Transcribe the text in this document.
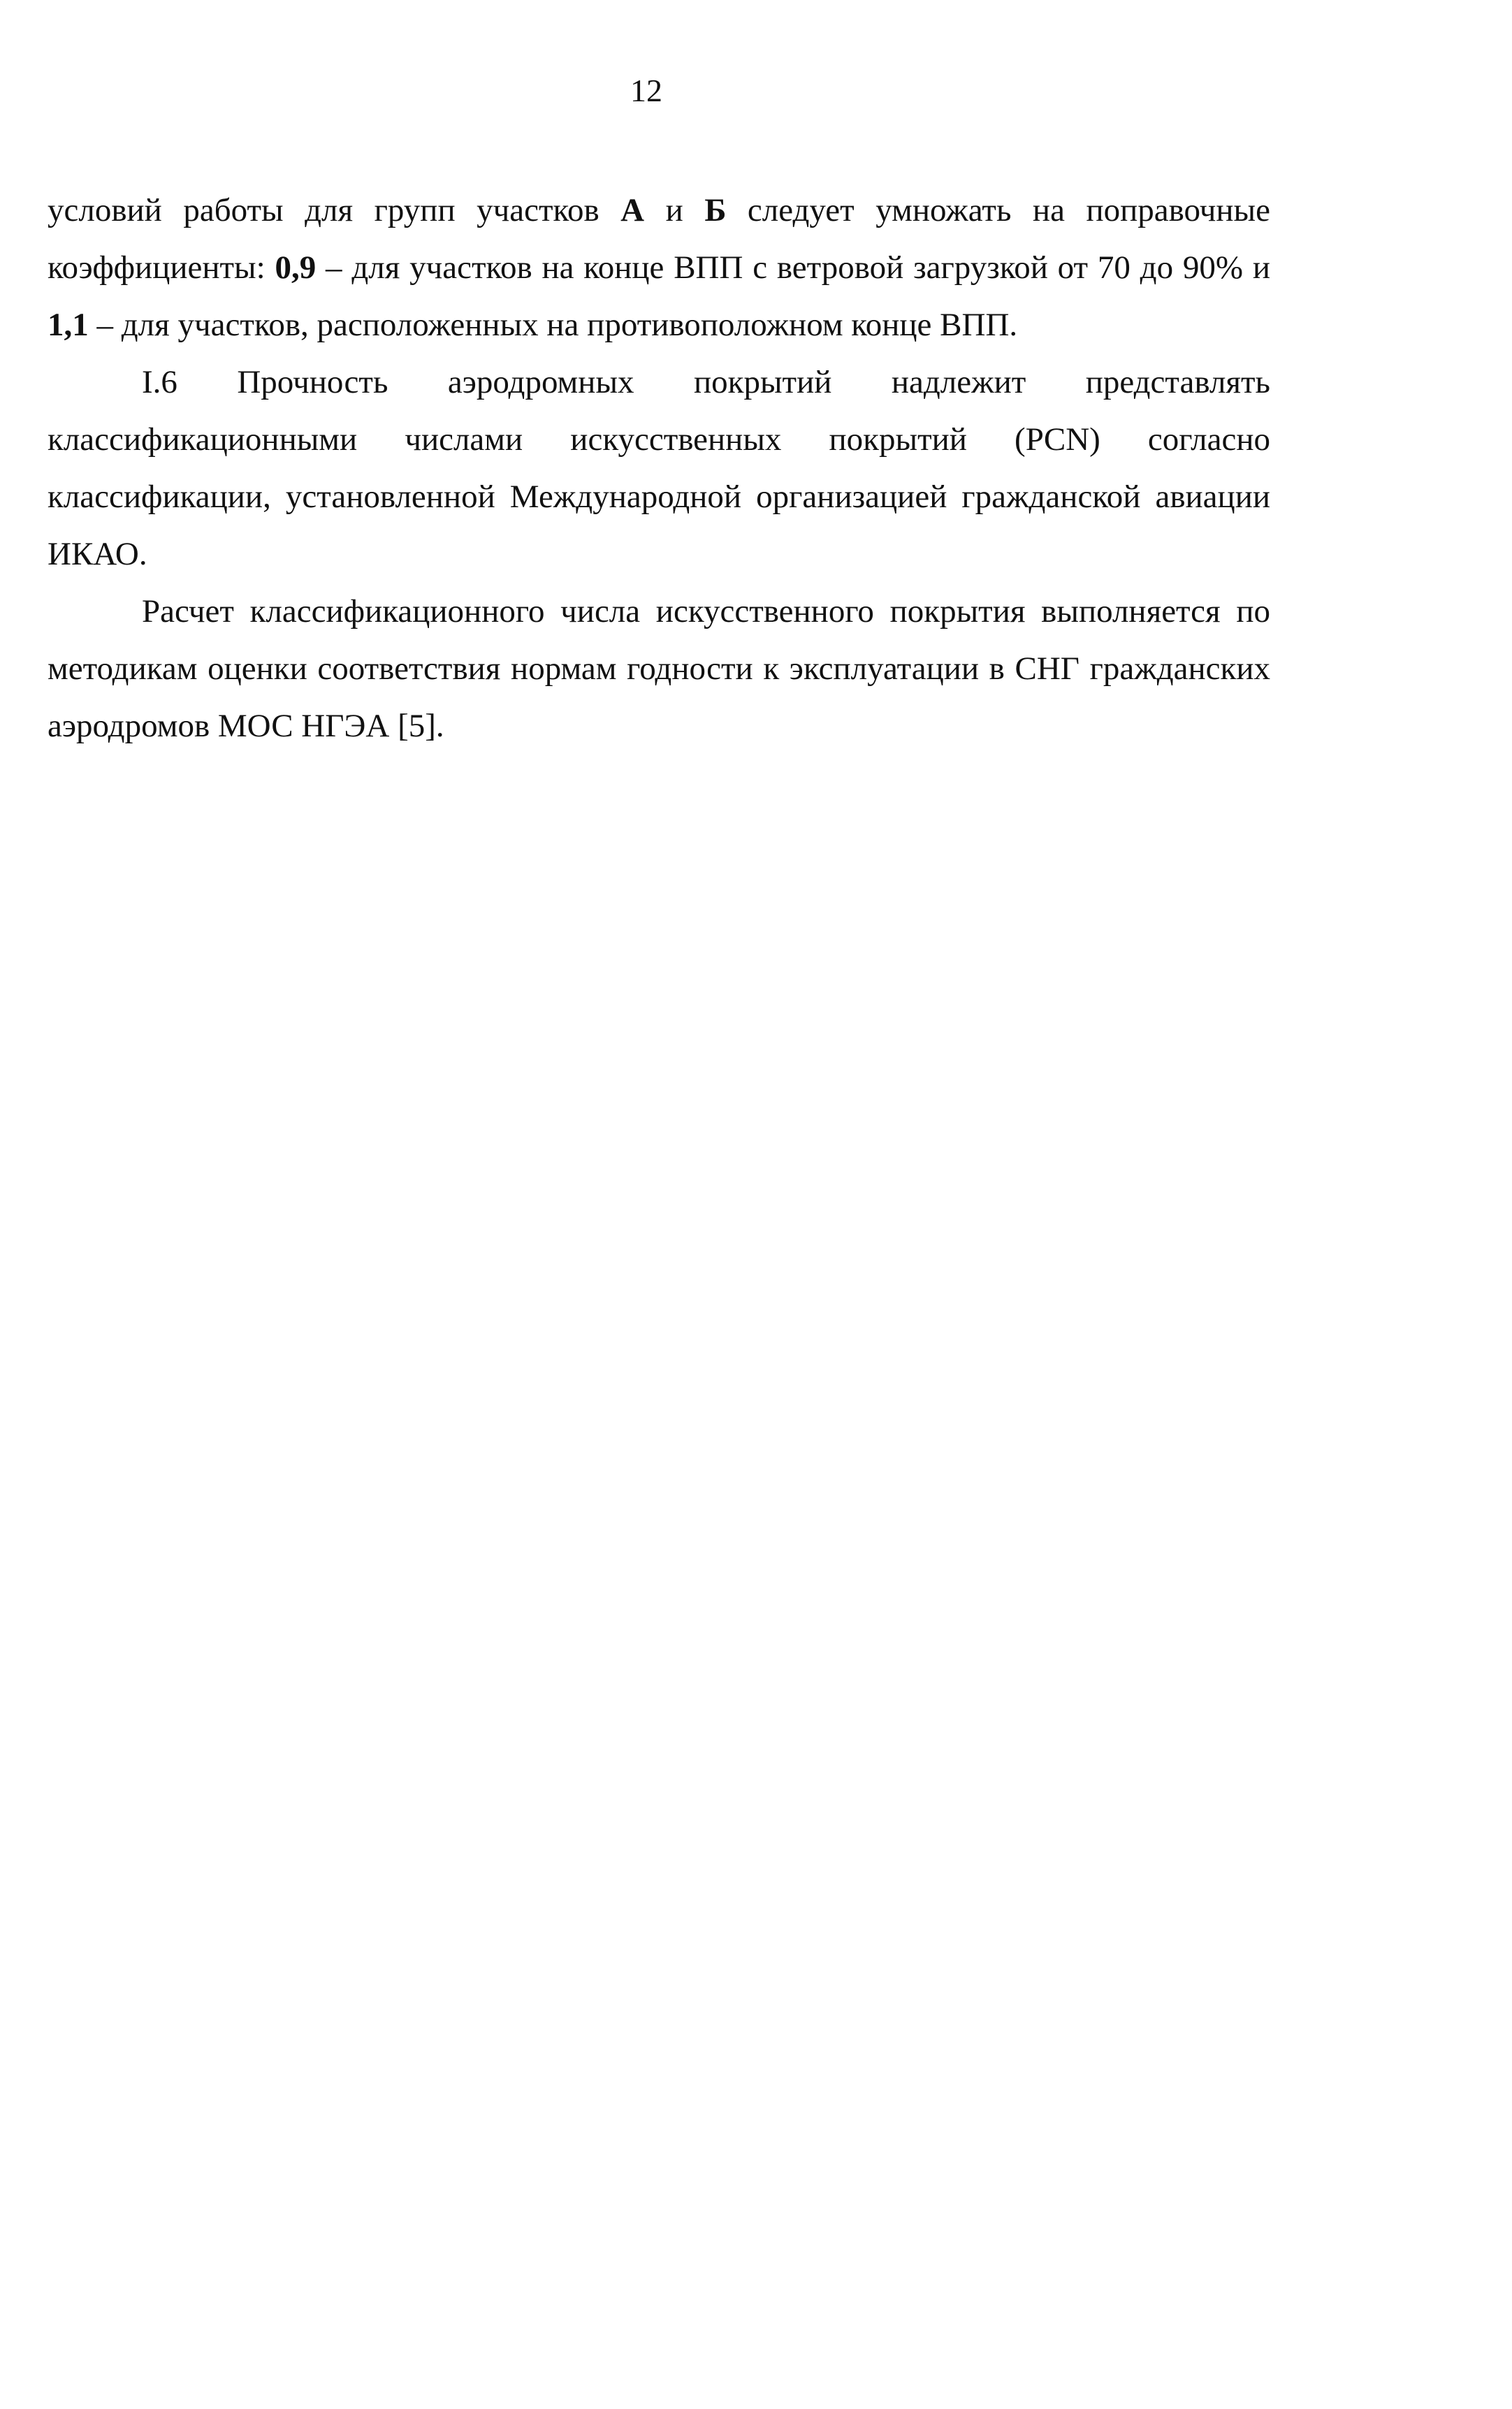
12

условий работы для групп участков А и Б следует умножать на поправочные коэффициенты: 0,9 – для участков на конце ВПП с ветровой загрузкой от 70 до 90% и 1,1 – для участков, расположенных на противоположном конце ВПП.

I.6 Прочность аэродромных покрытий надлежит представлять классификационными числами искусственных покрытий (PCN) согласно классификации, установленной Международной организацией гражданской авиации ИКАО.

Расчет классификационного числа искусственного покрытия выполняется по методикам оценки соответствия нормам годности к эксплуатации в СНГ гражданских аэродромов МОС НГЭА [5].
